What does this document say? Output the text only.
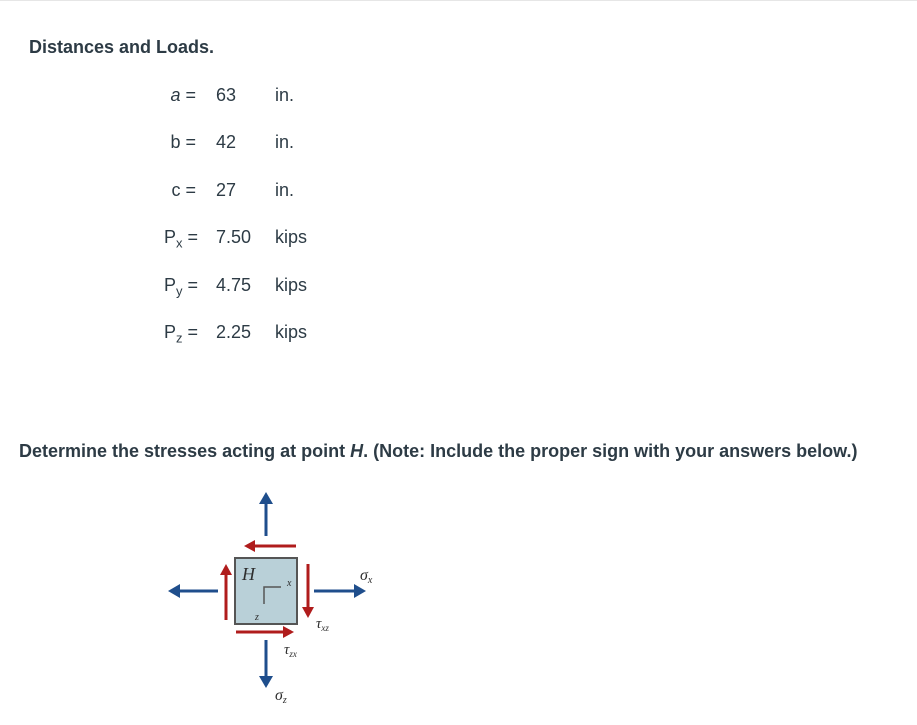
Distances and Loads.
a = 63 in.
b = 42 in.
c = 27 in.
$P_x = 7.50$ kips
$P_y = 4.75$ kips
$P_z = 2.25$ kips
Determine the stresses acting at point H. (Note: Include the proper sign with your answers below.)
H	x
z
σx
$\tau_{xz}$
$\tau_{zx}$
σz
